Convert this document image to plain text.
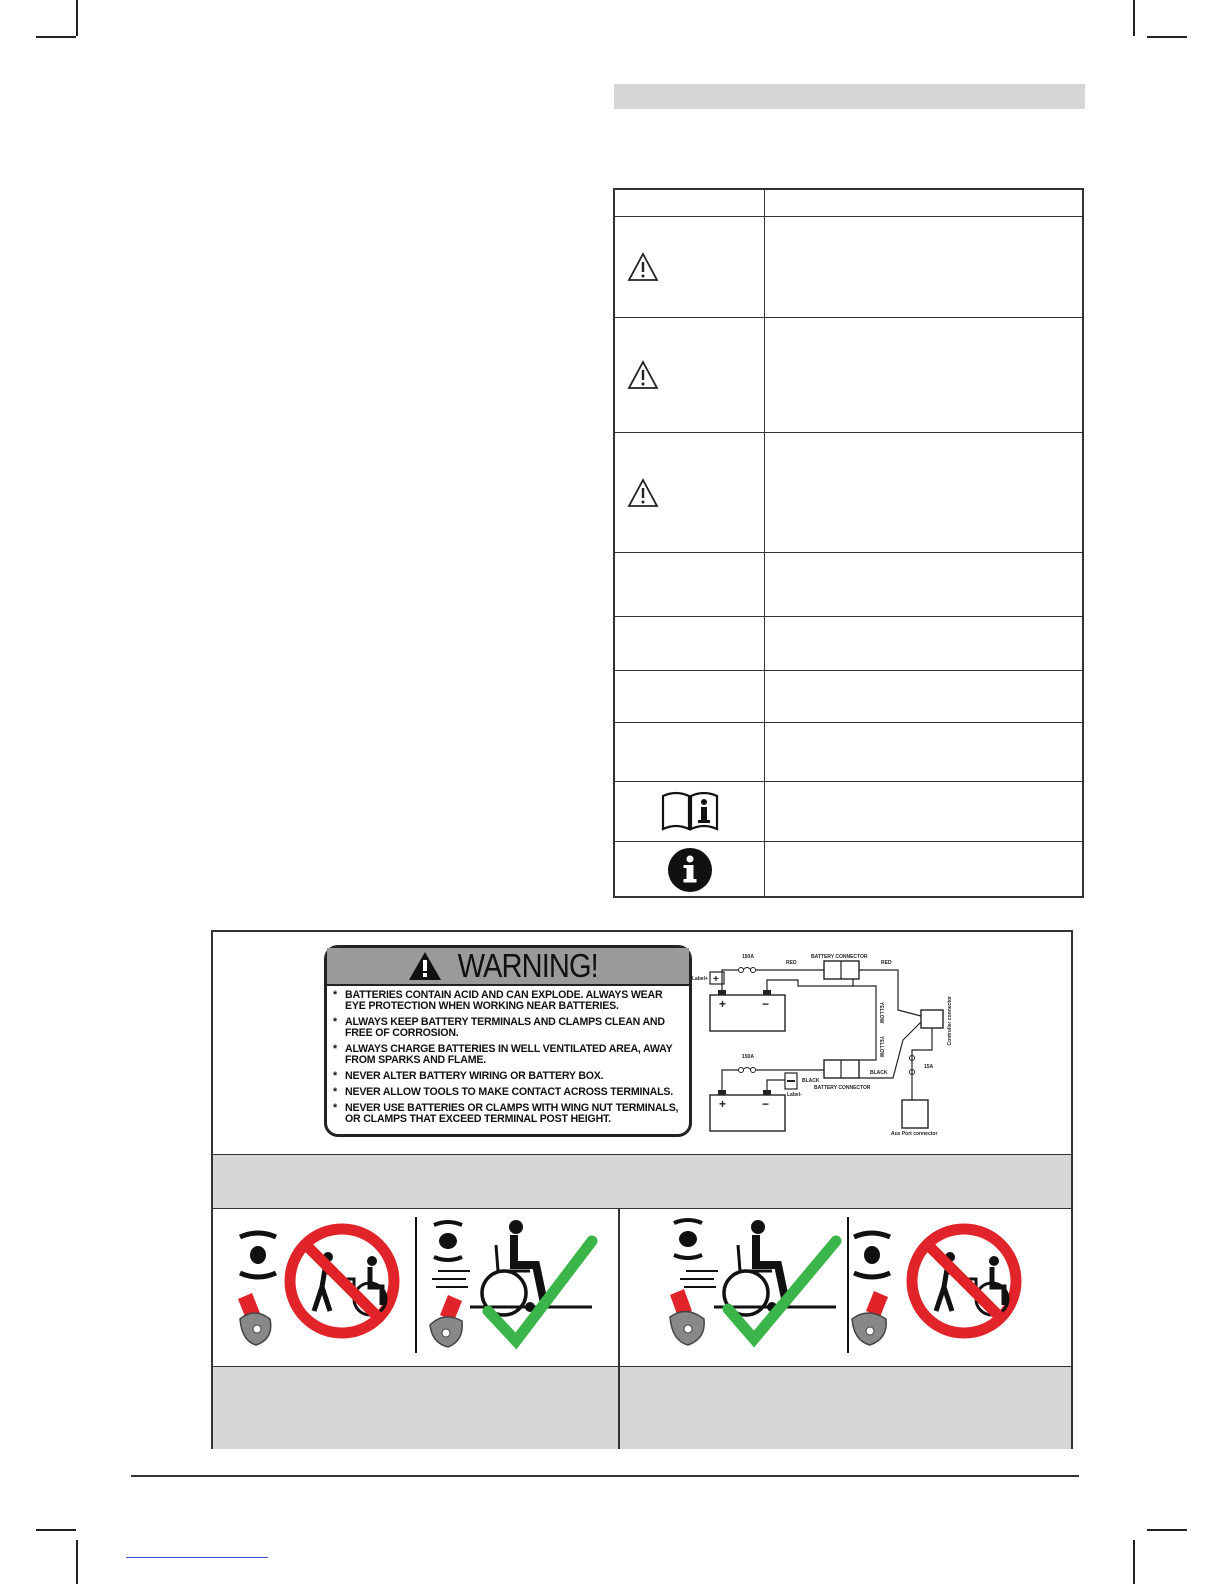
WARNING!
* BATTERIES CONTAIN ACID AND CAN EXPLODE. ALWAYS WEAR EYE PROTECTION WHEN WORKING NEAR BATTERIES.
* ALWAYS KEEP BATTERY TERMINALS AND CLAMPS CLEAN AND FREE OF CORROSION.
* ALWAYS CHARGE BATTERIES IN WELL VENTILATED AREA, AWAY FROM SPARKS AND FLAME.
* NEVER ALTER BATTERY WIRING OR BATTERY BOX.
* NEVER ALLOW TOOLS TO MAKE CONTACT ACROSS TERMINALS.
* NEVER USE BATTERIES OR CLAMPS WITH WING NUT TERMINALS, OR CLAMPS THAT EXCEED TERMINAL POST HEIGHT.
+	−
+	−
+
150A
150A
RED	RED
BATTERY CONNECTOR
BATTERY CONNECTOR
YELLOW
YELLOW
BLACK
BLACK
Label+
Label-
Controller connector
15A
Aux Port connector
